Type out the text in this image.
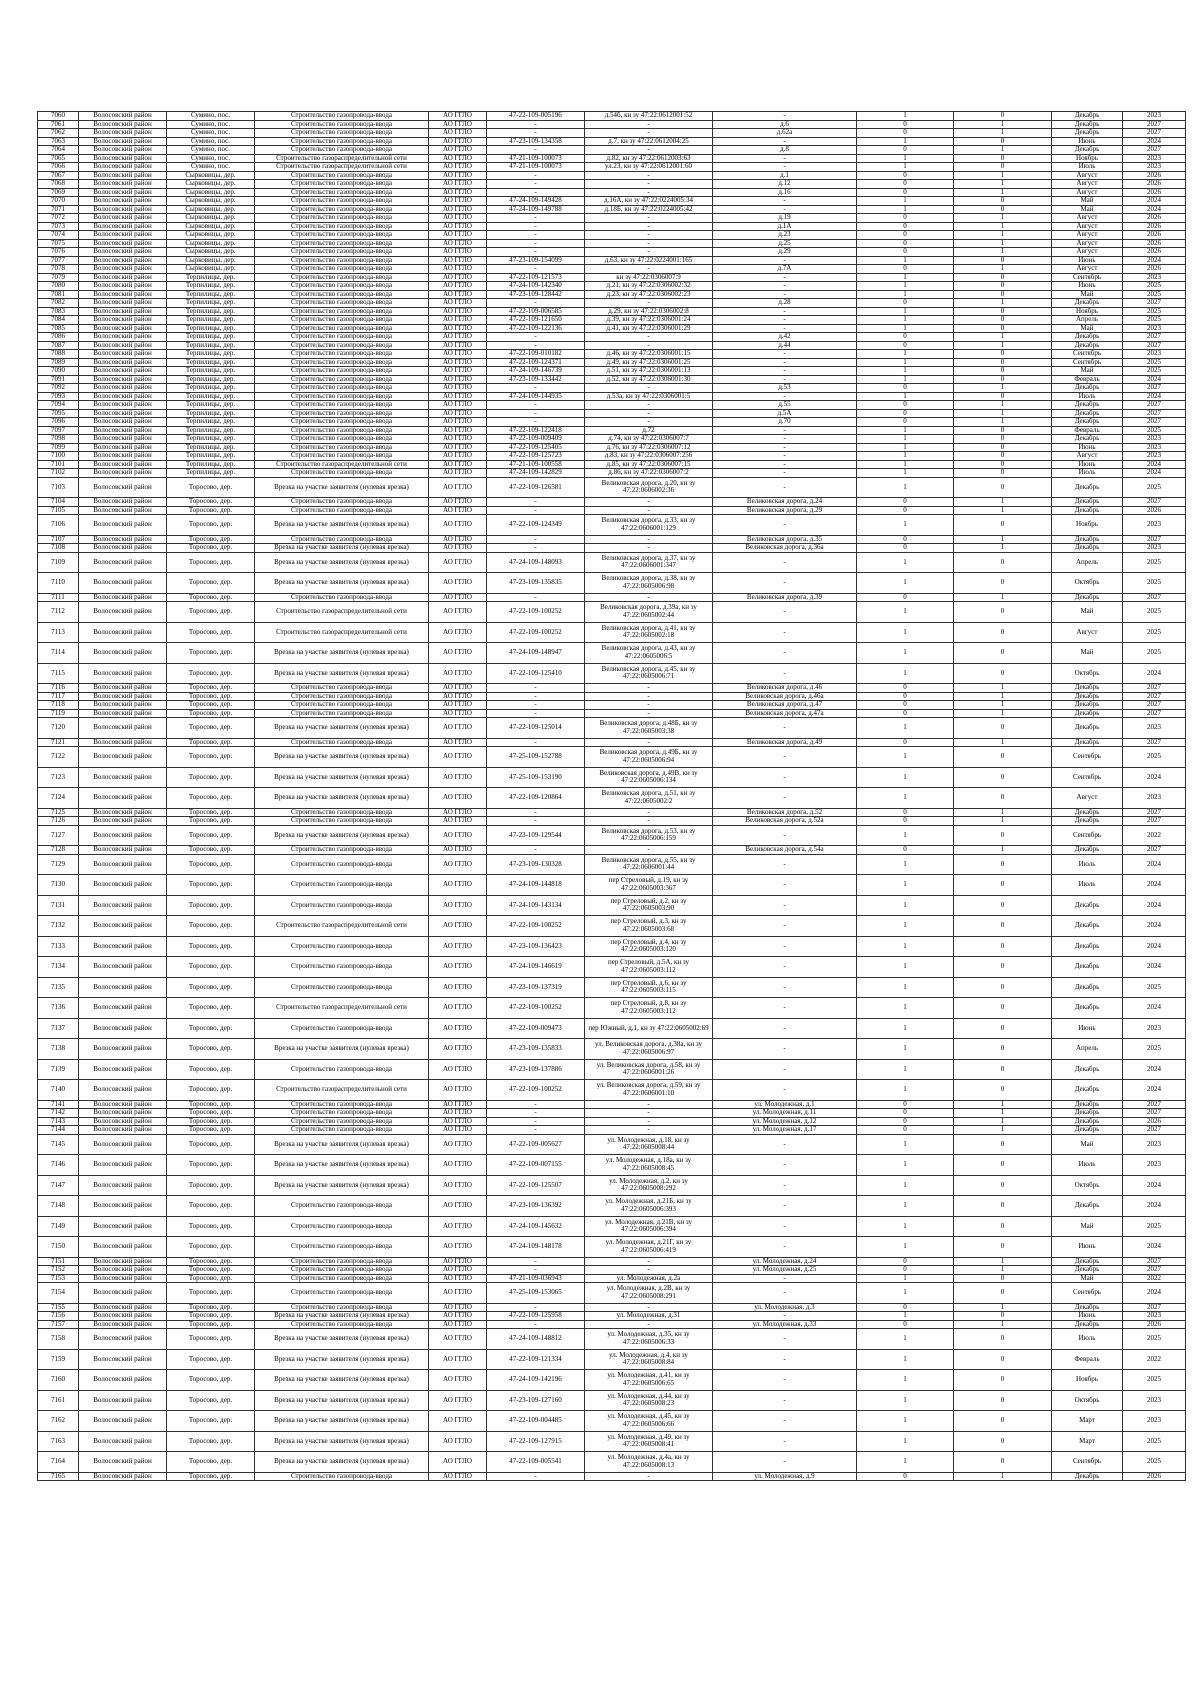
7060	Волосовский район	Сумино, пос.	Строительство газопровода-ввода	АО ГГЛО	47-22-109-005196	д.54б, кн зу 47:22:0612001:52	-	1	0	Декабрь	2023
7061	Волосовский район	Сумино, пос.	Строительство газопровода-ввода	АО ГГЛО	-	-	д.6	0	1	Декабрь	2027
7062	Волосовский район	Сумино, пос.	Строительство газопровода-ввода	АО ГГЛО	-	-	д.62а	0	1	Декабрь	2027
7063	Волосовский район	Сумино, пос.	Строительство газопровода-ввода	АО ГГЛО	47-23-109-134358	д.7, кн зу 47:22:0612004:25	-	1	0	Июнь	2024
7064	Волосовский район	Сумино, пос.	Строительство газопровода-ввода	АО ГГЛО	-	-	д.8	0	1	Декабрь	2027
7065	Волосовский район	Сумино, пос.	Строительство газораспределительной сети	АО ГГЛО	47-21-109-100073	д.82, кн зу 47:22:0612003:63	-	1	0	Ноябрь	2023
7066	Волосовский район	Сумино, пос.	Строительство газораспределительной сети	АО ГГЛО	47-21-109-100073	ул.23, кн зу 47:22:0612001:60	-	1	0	Июль	2023
7067	Волосовский район	Сырковицы, дер.	Строительство газопровода-ввода	АО ГГЛО	-	-	д.1	0	1	Август	2026
7068	Волосовский район	Сырковицы, дер.	Строительство газопровода-ввода	АО ГГЛО	-	-	д.12	0	1	Август	2026
7069	Волосовский район	Сырковицы, дер.	Строительство газопровода-ввода	АО ГГЛО	-	-	д.16	0	1	Август	2026
7070	Волосовский район	Сырковицы, дер.	Строительство газопровода-ввода	АО ГГЛО	47-24-109-149428	д.16А, кн зу 47:22:0224005:34	-	1	0	Май	2024
7071	Волосовский район	Сырковицы, дер.	Строительство газопровода-ввода	АО ГГЛО	47-24-109-149788	д.18Б, кн зу 47:22:0224005:42	-	1	0	Май	2024
7072	Волосовский район	Сырковицы, дер.	Строительство газопровода-ввода	АО ГГЛО	-	-	д.19	0	1	Август	2026
7073	Волосовский район	Сырковицы, дер.	Строительство газопровода-ввода	АО ГГЛО	-	-	д.1А	0	1	Август	2026
7074	Волосовский район	Сырковицы, дер.	Строительство газопровода-ввода	АО ГГЛО	-	-	д.23	0	1	Август	2026
7075	Волосовский район	Сырковицы, дер.	Строительство газопровода-ввода	АО ГГЛО	-	-	д.25	0	1	Август	2026
7076	Волосовский район	Сырковицы, дер.	Строительство газопровода-ввода	АО ГГЛО	-	-	д.29	0	1	Август	2026
7077	Волосовский район	Сырковицы, дер.	Строительство газопровода-ввода	АО ГГЛО	47-23-109-154099	д.63, кн зу 47:22:0224001:165	-	1	0	Июнь	2024
7078	Волосовский район	Сырковицы, дер.	Строительство газопровода-ввода	АО ГГЛО	-	-	д.7А	0	1	Август	2026
7079	Волосовский район	Терпилицы, дер.	Строительство газопровода-ввода	АО ГГЛО	47-22-109-121573	кн зу 47:22:0306007:9	-	1	0	Сентябрь	2023
7080	Волосовский район	Терпилицы, дер.	Строительство газопровода-ввода	АО ГГЛО	47-24-109-142340	д.21, кн зу 47:22:0306002:32	-	1	0	Июнь	2025
7081	Волосовский район	Терпилицы, дер.	Строительство газопровода-ввода	АО ГГЛО	47-23-109-128442	д.23, кн зу 47:22:0306002:23	-	1	0	Май	2025
7082	Волосовский район	Терпилицы, дер.	Строительство газопровода-ввода	АО ГГЛО	-	-	д.28	0	1	Декабрь	2027
7083	Волосовский район	Терпилицы, дер.	Строительство газопровода-ввода	АО ГГЛО	47-22-109-006585	д.29, кн зу 47:22:0306002:8	-	1	0	Ноябрь	2025
7084	Волосовский район	Терпилицы, дер.	Строительство газопровода-ввода	АО ГГЛО	47-22-109-121650	д.39, кн зу 47:22:0306001:24	-	1	0	Апрель	2025
7085	Волосовский район	Терпилицы, дер.	Строительство газопровода-ввода	АО ГГЛО	47-22-109-122136	д.41, кн зу 47:22:0306001:29	-	1	0	Май	2023
7086	Волосовский район	Терпилицы, дер.	Строительство газопровода-ввода	АО ГГЛО	-	-	д.42	0	1	Декабрь	2027
7087	Волосовский район	Терпилицы, дер.	Строительство газопровода-ввода	АО ГГЛО	-	-	д.44	0	1	Декабрь	2027
7088	Волосовский район	Терпилицы, дер.	Строительство газопровода-ввода	АО ГГЛО	47-22-109-010182	д.46, кн зу 47:22:0306001:15	-	1	0	Сентябрь	2023
7089	Волосовский район	Терпилицы, дер.	Строительство газопровода-ввода	АО ГГЛО	47-22-109-124371	д.49, кн зу 47:22:0306001:25	-	1	0	Сентябрь	2025
7090	Волосовский район	Терпилицы, дер.	Строительство газопровода-ввода	АО ГГЛО	47-24-109-146739	д.51, кн зу 47:22:0306001:13	-	1	0	Май	2025
7091	Волосовский район	Терпилицы, дер.	Строительство газопровода-ввода	АО ГГЛО	47-23-109-133442	д.52, кн зу 47:22:0306001:30	-	1	0	Февраль	2024
7092	Волосовский район	Терпилицы, дер.	Строительство газопровода-ввода	АО ГГЛО	-	-	д.53	0	1	Декабрь	2027
7093	Волосовский район	Терпилицы, дер.	Строительство газопровода-ввода	АО ГГЛО	47-24-109-144935	д.53а, кн зу 47:22:0306001:5	-	1	0	Июль	2024
7094	Волосовский район	Терпилицы, дер.	Строительство газопровода-ввода	АО ГГЛО	-	-	д.55	0	1	Декабрь	2027
7095	Волосовский район	Терпилицы, дер.	Строительство газопровода-ввода	АО ГГЛО	-	-	д.5А	0	1	Декабрь	2027
7096	Волосовский район	Терпилицы, дер.	Строительство газопровода-ввода	АО ГГЛО	-	-	д.70	0	1	Декабрь	2027
7097	Волосовский район	Терпилицы, дер.	Строительство газопровода-ввода	АО ГГЛО	47-22-109-122418	д.72	-	1	0	Февраль	2025
7098	Волосовский район	Терпилицы, дер.	Строительство газопровода-ввода	АО ГГЛО	47-22-109-009409	д.74, кн зу 47:22:0306007:7	-	1	0	Декабрь	2023
7099	Волосовский район	Терпилицы, дер.	Строительство газопровода-ввода	АО ГГЛО	47-22-109-125405	д.76, кн зу 47:22:0306007:12	-	1	0	Июнь	2023
7100	Волосовский район	Терпилицы, дер.	Строительство газопровода-ввода	АО ГГЛО	47-22-109-125723	д.83, кн зу 47:22:0306007:256	-	1	0	Август	2023
7101	Волосовский район	Терпилицы, дер.	Строительство газораспределительной сети	АО ГГЛО	47-21-109-100558	д.85, кн зу 47:22:0306007:15	-	1	0	Июнь	2024
7102	Волосовский район	Терпилицы, дер.	Строительство газопровода-ввода	АО ГГЛО	47-24-109-142829	д.86, кн зу 47:22:0306007:2	-	1	0	Июль	2024
7103	Волосовский район	Торосово, дер.	Врезка на участке заявителя (нулевая врезка)	АО ГГЛО	47-22-109-126581	Великовская дорога, д.20, кн зу 47:22:0606002:36	-	1	0	Декабрь	2025
7104	Волосовский район	Торосово, дер.	Строительство газопровода-ввода	АО ГГЛО	-	-	Великовская дорога, д.24	0	1	Декабрь	2027
7105	Волосовский район	Торосово, дер.	Строительство газопровода-ввода	АО ГГЛО	-	-	Великовская дорога, д.29	0	1	Декабрь	2026
7106	Волосовский район	Торосово, дер.	Врезка на участке заявителя (нулевая врезка)	АО ГГЛО	47-22-109-124349	Великовская дорога, д.33, кн зу 47:22:0606001:129	-	1	0	Ноябрь	2023
7107	Волосовский район	Торосово, дер.	Строительство газопровода-ввода	АО ГГЛО	-	-	Великовская дорога, д.35	0	1	Декабрь	2027
7108	Волосовский район	Торосово, дер.	Врезка на участке заявителя (нулевая врезка)	АО ГГЛО	-	-	Великовская дорога, д.36а	0	1	Декабрь	2023
7109	Волосовский район	Торосово, дер.	Врезка на участке заявителя (нулевая врезка)	АО ГГЛО	47-24-109-148093	Великовская дорога, д.37, кн зу 47:22:0606001:347	-	1	0	Апрель	2025
7110	Волосовский район	Торосово, дер.	Врезка на участке заявителя (нулевая врезка)	АО ГГЛО	47-23-109-135835	Великовская дорога, д.38, кн зу 47:22:0605006:98	-	1	0	Октябрь	2025
7111	Волосовский район	Торосово, дер.	Строительство газопровода-ввода	АО ГГЛО	-	-	Великовская дорога, д.39	0	1	Декабрь	2027
7112	Волосовский район	Торосово, дер.	Строительство газораспределительной сети	АО ГГЛО	47-22-109-100252	Великовская дорога, д.39а, кн зу 47:22:0605002:44	-	1	0	Май	2025
7113	Волосовский район	Торосово, дер.	Строительство газораспределительной сети	АО ГГЛО	47-22-109-100252	Великовская дорога, д.41, кн зу 47:22:0605002:18	-	1	0	Август	2025
7114	Волосовский район	Торосово, дер.	Врезка на участке заявителя (нулевая врезка)	АО ГГЛО	47-24-109-148947	Великовская дорога, д.43, кн зу 47:22:0605006:5	-	1	0	Май	2025
7115	Волосовский район	Торосово, дер.	Врезка на участке заявителя (нулевая врезка)	АО ГГЛО	47-22-109-125410	Великовская дорога, д.45, кн зу 47:22:0605006:71	-	1	0	Октябрь	2024
7116	Волосовский район	Торосово, дер.	Строительство газопровода-ввода	АО ГГЛО	-	-	Великовская дорога, д.46	0	1	Декабрь	2027
7117	Волосовский район	Торосово, дер.	Строительство газопровода-ввода	АО ГГЛО	-	-	Великовская дорога, д.46а	0	1	Декабрь	2027
7118	Волосовский район	Торосово, дер.	Строительство газопровода-ввода	АО ГГЛО	-	-	Великовская дорога, д.47	0	1	Декабрь	2027
7119	Волосовский район	Торосово, дер.	Строительство газопровода-ввода	АО ГГЛО	-	-	Великовская дорога, д.47а	0	1	Декабрь	2027
7120	Волосовский район	Торосово, дер.	Врезка на участке заявителя (нулевая врезка)	АО ГГЛО	47-22-109-125014	Великовская дорога, д.48Б, кн зу 47:22:0605003:38	-	1	0	Декабрь	2023
7121	Волосовский район	Торосово, дер.	Строительство газопровода-ввода	АО ГГЛО	-	-	Великовская дорога, д.49	0	1	Декабрь	2027
7122	Волосовский район	Торосово, дер.	Врезка на участке заявителя (нулевая врезка)	АО ГГЛО	47-25-109-152788	Великовская дорога, д.49Б, кн зу 47:22:0605006:94	-	1	0	Сентябрь	2025
7123	Волосовский район	Торосово, дер.	Врезка на участке заявителя (нулевая врезка)	АО ГГЛО	47-25-109-153190	Великовская дорога, д.49В, кн зу 47:22:0605006:134	-	1	0	Сентябрь	2024
7124	Волосовский район	Торосово, дер.	Врезка на участке заявителя (нулевая врезка)	АО ГГЛО	47-22-109-120864	Великовская дорога, д.51, кн зу 47:22:0605002:2	-	1	0	Август	2023
7125	Волосовский район	Торосово, дер.	Строительство газопровода-ввода	АО ГГЛО	-	-	Великовская дорога, д.52	0	1	Декабрь	2027
7126	Волосовский район	Торосово, дер.	Строительство газопровода-ввода	АО ГГЛО	-	-	Великовская дорога, д.52а	0	1	Декабрь	2027
7127	Волосовский район	Торосово, дер.	Врезка на участке заявителя (нулевая врезка)	АО ГГЛО	47-23-109-129544	Великовская дорога, д.53, кн зу 47:22:0605006:159	-	1	0	Сентябрь	2022
7128	Волосовский район	Торосово, дер.	Строительство газопровода-ввода	АО ГГЛО	-	-	Великовская дорога, д.54а	0	1	Декабрь	2027
7129	Волосовский район	Торосово, дер.	Строительство газопровода-ввода	АО ГГЛО	47-23-109-130328	Великовская дорога, д.55, кн зу 47:22:0606001:44	-	1	0	Июль	2024
7130	Волосовский район	Торосово, дер.	Строительство газопровода-ввода	АО ГГЛО	47-24-109-144818	пер Стреловый, д.19, кн зу 47:22:0605003:367	-	1	0	Июль	2024
7131	Волосовский район	Торосово, дер.	Строительство газопровода-ввода	АО ГГЛО	47-24-109-143134	пер Стреловый, д.2, кн зу 47:22:0605003:90	-	1	0	Декабрь	2024
7132	Волосовский район	Торосово, дер.	Строительство газораспределительной сети	АО ГГЛО	47-22-109-100252	пер Стреловый, д.3, кн зу 47:22:0605003:68	-	1	0	Декабрь	2024
7133	Волосовский район	Торосово, дер.	Строительство газопровода-ввода	АО ГГЛО	47-23-109-136423	пер Стреловый, д.4, кн зу 47:22:0605003:120	-	1	0	Декабрь	2024
7134	Волосовский район	Торосово, дер.	Строительство газопровода-ввода	АО ГГЛО	47-24-109-146619	пер Стреловый, д.5А, кн зу 47:22:0605003:112	-	1	0	Декабрь	2024
7135	Волосовский район	Торосово, дер.	Строительство газопровода-ввода	АО ГГЛО	47-23-109-137319	пер Стреловый, д.6, кн зу 47:22:0605003:115	-	1	0	Декабрь	2025
7136	Волосовский район	Торосово, дер.	Строительство газораспределительной сети	АО ГГЛО	47-22-109-100252	пер Стреловый, д.8, кн зу 47:22:0605003:112	-	1	0	Декабрь	2024
7137	Волосовский район	Торосово, дер.	Строительство газопровода-ввода	АО ГГЛО	47-22-109-009473	пер Южный, д.1, кн зу 47:22:0605002:69	-	1	0	Июнь	2023
7138	Волосовский район	Торосово, дер.	Врезка на участке заявителя (нулевая врезка)	АО ГГЛО	47-23-109-135833	ул. Великовская дорога, д.38а, кн зу 47:22:0605006:97	-	1	0	Апрель	2025
7139	Волосовский район	Торосово, дер.	Строительство газопровода-ввода	АО ГГЛО	47-23-109-137886	ул. Великовская дорога, д.58, кн зу 47:22:0606001:26	-	1	0	Декабрь	2024
7140	Волосовский район	Торосово, дер.	Строительство газораспределительной сети	АО ГГЛО	47-22-109-100252	ул. Великовская дорога, д.59, кн зу 47:22:0606001:10	-	1	0	Декабрь	2024
7141	Волосовский район	Торосово, дер.	Строительство газопровода-ввода	АО ГГЛО	-	-	ул. Молодежная, д.1	0	1	Декабрь	2027
7142	Волосовский район	Торосово, дер.	Строительство газопровода-ввода	АО ГГЛО	-	-	ул. Молодежная, д.11	0	1	Декабрь	2027
7143	Волосовский район	Торосово, дер.	Строительство газопровода-ввода	АО ГГЛО	-	-	ул. Молодежная, д.12	0	1	Декабрь	2026
7144	Волосовский район	Торосово, дер.	Строительство газопровода-ввода	АО ГГЛО	-	-	ул. Молодежная, д.17	0	1	Декабрь	2027
7145	Волосовский район	Торосово, дер.	Врезка на участке заявителя (нулевая врезка)	АО ГГЛО	47-22-109-005627	ул. Молодежная, д.18, кн зу 47:22:0605008:44	-	1	0	Май	2023
7146	Волосовский район	Торосово, дер.	Врезка на участке заявителя (нулевая врезка)	АО ГГЛО	47-22-109-007155	ул. Молодежная, д.18а, кн зу 47:22:0605008:45	-	1	0	Июль	2023
7147	Волосовский район	Торосово, дер.	Врезка на участке заявителя (нулевая врезка)	АО ГГЛО	47-22-109-125507	ул. Молодежная, д.2, кн зу 47:22:0605008:292	-	1	0	Октябрь	2024
7148	Волосовский район	Торосово, дер.	Строительство газопровода-ввода	АО ГГЛО	47-23-109-136392	ул. Молодежная, д.21Б, кн зу 47:22:0605006:393	-	1	0	Декабрь	2024
7149	Волосовский район	Торосово, дер.	Строительство газопровода-ввода	АО ГГЛО	47-24-109-145632	ул. Молодежная, д.21В, кн зу 47:22:0605006:394	-	1	0	Май	2025
7150	Волосовский район	Торосово, дер.	Строительство газопровода-ввода	АО ГГЛО	47-24-109-148178	ул. Молодежная, д.21Г, кн зу 47:22:0605006:419	-	1	0	Июнь	2024
7151	Волосовский район	Торосово, дер.	Строительство газопровода-ввода	АО ГГЛО	-	-	ул. Молодежная, д.24	0	1	Декабрь	2027
7152	Волосовский район	Торосово, дер.	Строительство газопровода-ввода	АО ГГЛО	-	-	ул. Молодежная, д.25	0	1	Декабрь	2027
7153	Волосовский район	Торосово, дер.	Строительство газопровода-ввода	АО ГГЛО	47-21-109-036943	ул. Молодежная, д.2а	-	1	0	Май	2022
7154	Волосовский район	Торосово, дер.	Строительство газопровода-ввода	АО ГГЛО	47-25-109-153065	ул. Молодежная, д.2В, кн зу 47:22:0605008:291	-	1	0	Сентябрь	2024
7155	Волосовский район	Торосово, дер.	Строительство газопровода-ввода	АО ГГЛО	-	-	ул. Молодежная, д.3	0	1	Декабрь	2027
7156	Волосовский район	Торосово, дер.	Врезка на участке заявителя (нулевая врезка)	АО ГГЛО	47-22-109-125958	ул. Молодежная, д.31	-	1	0	Июнь	2023
7157	Волосовский район	Торосово, дер.	Строительство газопровода-ввода	АО ГГЛО	-	-	ул. Молодежная, д.33	0	1	Декабрь	2026
7158	Волосовский район	Торосово, дер.	Врезка на участке заявителя (нулевая врезка)	АО ГГЛО	47-24-109-148812	ул. Молодежная, д.35, кн зу 47:22:0605006:33	-	1	0	Июль	2025
7159	Волосовский район	Торосово, дер.	Врезка на участке заявителя (нулевая врезка)	АО ГГЛО	47-22-109-121334	ул. Молодежная, д.4, кн зу 47:22:0605008:84	-	1	0	Февраль	2022
7160	Волосовский район	Торосово, дер.	Врезка на участке заявителя (нулевая врезка)	АО ГГЛО	47-24-109-142196	ул. Молодежная, д.41, кн зу 47:22:0605006:65	-	1	0	Ноябрь	2025
7161	Волосовский район	Торосово, дер.	Врезка на участке заявителя (нулевая врезка)	АО ГГЛО	47-23-109-127160	ул. Молодежная, д.44, кн зу 47:22:0605008:23	-	1	0	Октябрь	2023
7162	Волосовский район	Торосово, дер.	Врезка на участке заявителя (нулевая врезка)	АО ГГЛО	47-22-109-004485	ул. Молодежная, д.45, кн зу 47:22:0605006:66	-	1	0	Март	2023
7163	Волосовский район	Торосово, дер.	Врезка на участке заявителя (нулевая врезка)	АО ГГЛО	47-22-109-127915	ул. Молодежная, д.49, кн зу 47:22:0605008:41	-	1	0	Март	2025
7164	Волосовский район	Торосово, дер.	Врезка на участке заявителя (нулевая врезка)	АО ГГЛО	47-22-109-005541	ул. Молодежная, д.4а, кн зу 47:22:0605008:13	-	1	0	Сентябрь	2025
7165	Волосовский район	Торосово, дер.	Строительство газопровода-ввода	АО ГГЛО	-	-	ул. Молодежная, д.9	0	1	Декабрь	2026
